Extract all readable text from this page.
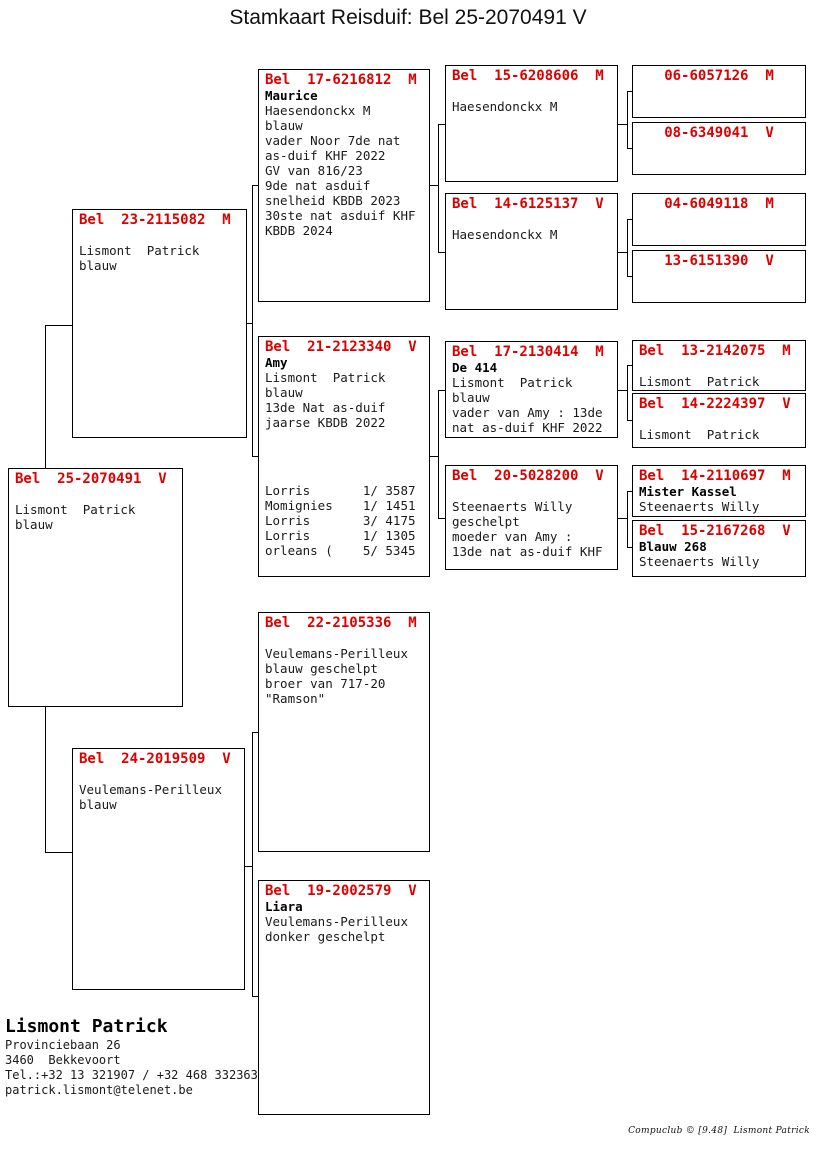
Stamkaart Reisduif: Bel 25-2070491 V
Bel  25-2070491  V
Lismont  Patrick
blauw
Bel  23-2115082  M
Lismont  Patrick
blauw
Bel  24-2019509  V
Veulemans-Perilleux
blauw
Bel  17-6216812  M
Maurice
Haesendonckx M
blauw
vader Noor 7de nat
as-duif KHF 2022
GV van 816/23
9de nat asduif
snelheid KBDB 2023
30ste nat asduif KHF
KBDB 2024
Bel  21-2123340  V
Amy
Lismont  Patrick
blauw
13de Nat as-duif
jaarse KBDB 2022
Lorris       1/ 3587
Momignies    1/ 1451
Lorris       3/ 4175
Lorris       1/ 1305
orleans (    5/ 5345
Bel  22-2105336  M
Veulemans-Perilleux
blauw geschelpt
broer van 717-20
"Ramson"
Bel  19-2002579  V
Liara
Veulemans-Perilleux
donker geschelpt
Bel  15-6208606  M
Haesendonckx M
Bel  14-6125137  V
Haesendonckx M
Bel  17-2130414  M
De 414
Lismont  Patrick
blauw
vader van Amy : 13de
nat as-duif KHF 2022
Bel  20-5028200  V
Steenaerts Willy
geschelpt
moeder van Amy :
13de nat as-duif KHF
06-6057126  M
08-6349041  V
04-6049118  M
13-6151390  V
Bel  13-2142075  M
Lismont  Patrick
Bel  14-2224397  V
Lismont  Patrick
Bel  14-2110697  M
Mister Kassel
Steenaerts Willy
Bel  15-2167268  V
Blauw 268
Steenaerts Willy
Lismont Patrick
Provinciebaan 26
3460  Bekkevoort
Tel.:+32 13 321907 / +32 468 332363
patrick.lismont@telenet.be
Compuclub © [9.48]  Lismont Patrick
